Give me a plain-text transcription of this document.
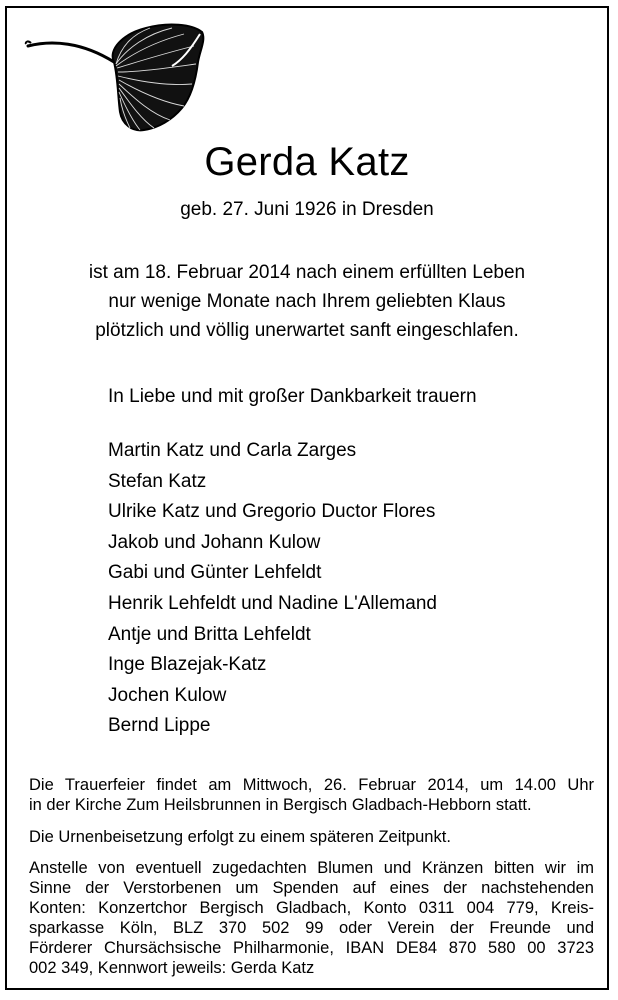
Gerda Katz
geb. 27. Juni 1926 in Dresden
ist am 18. Februar 2014 nach einem erfüllten Leben
nur wenige Monate nach Ihrem geliebten Klaus
plötzlich und völlig unerwartet sanft eingeschlafen.
In Liebe und mit großer Dankbarkeit trauern
Martin Katz und Carla Zarges
Stefan Katz
Ulrike Katz und Gregorio Ductor Flores
Jakob und Johann Kulow
Gabi und Günter Lehfeldt
Henrik Lehfeldt und Nadine L'Allemand
Antje und Britta Lehfeldt
Inge Blazejak-Katz
Jochen Kulow
Bernd Lippe
Die Trauerfeier findet am Mittwoch, 26. Februar 2014, um 14.00 Uhr
in der Kirche Zum Heilsbrunnen in Bergisch Gladbach-Hebborn statt.
Die Urnenbeisetzung erfolgt zu einem späteren Zeitpunkt.
Anstelle von eventuell zugedachten Blumen und Kränzen bitten wir im
Sinne der Verstorbenen um Spenden auf eines der nachstehenden
Konten: Konzertchor Bergisch Gladbach, Konto 0311 004 779, Kreis-
sparkasse Köln, BLZ 370 502 99 oder Verein der Freunde und
Förderer Chursächsische Philharmonie, IBAN DE84 870 580 00 3723
002 349, Kennwort jeweils: Gerda Katz
